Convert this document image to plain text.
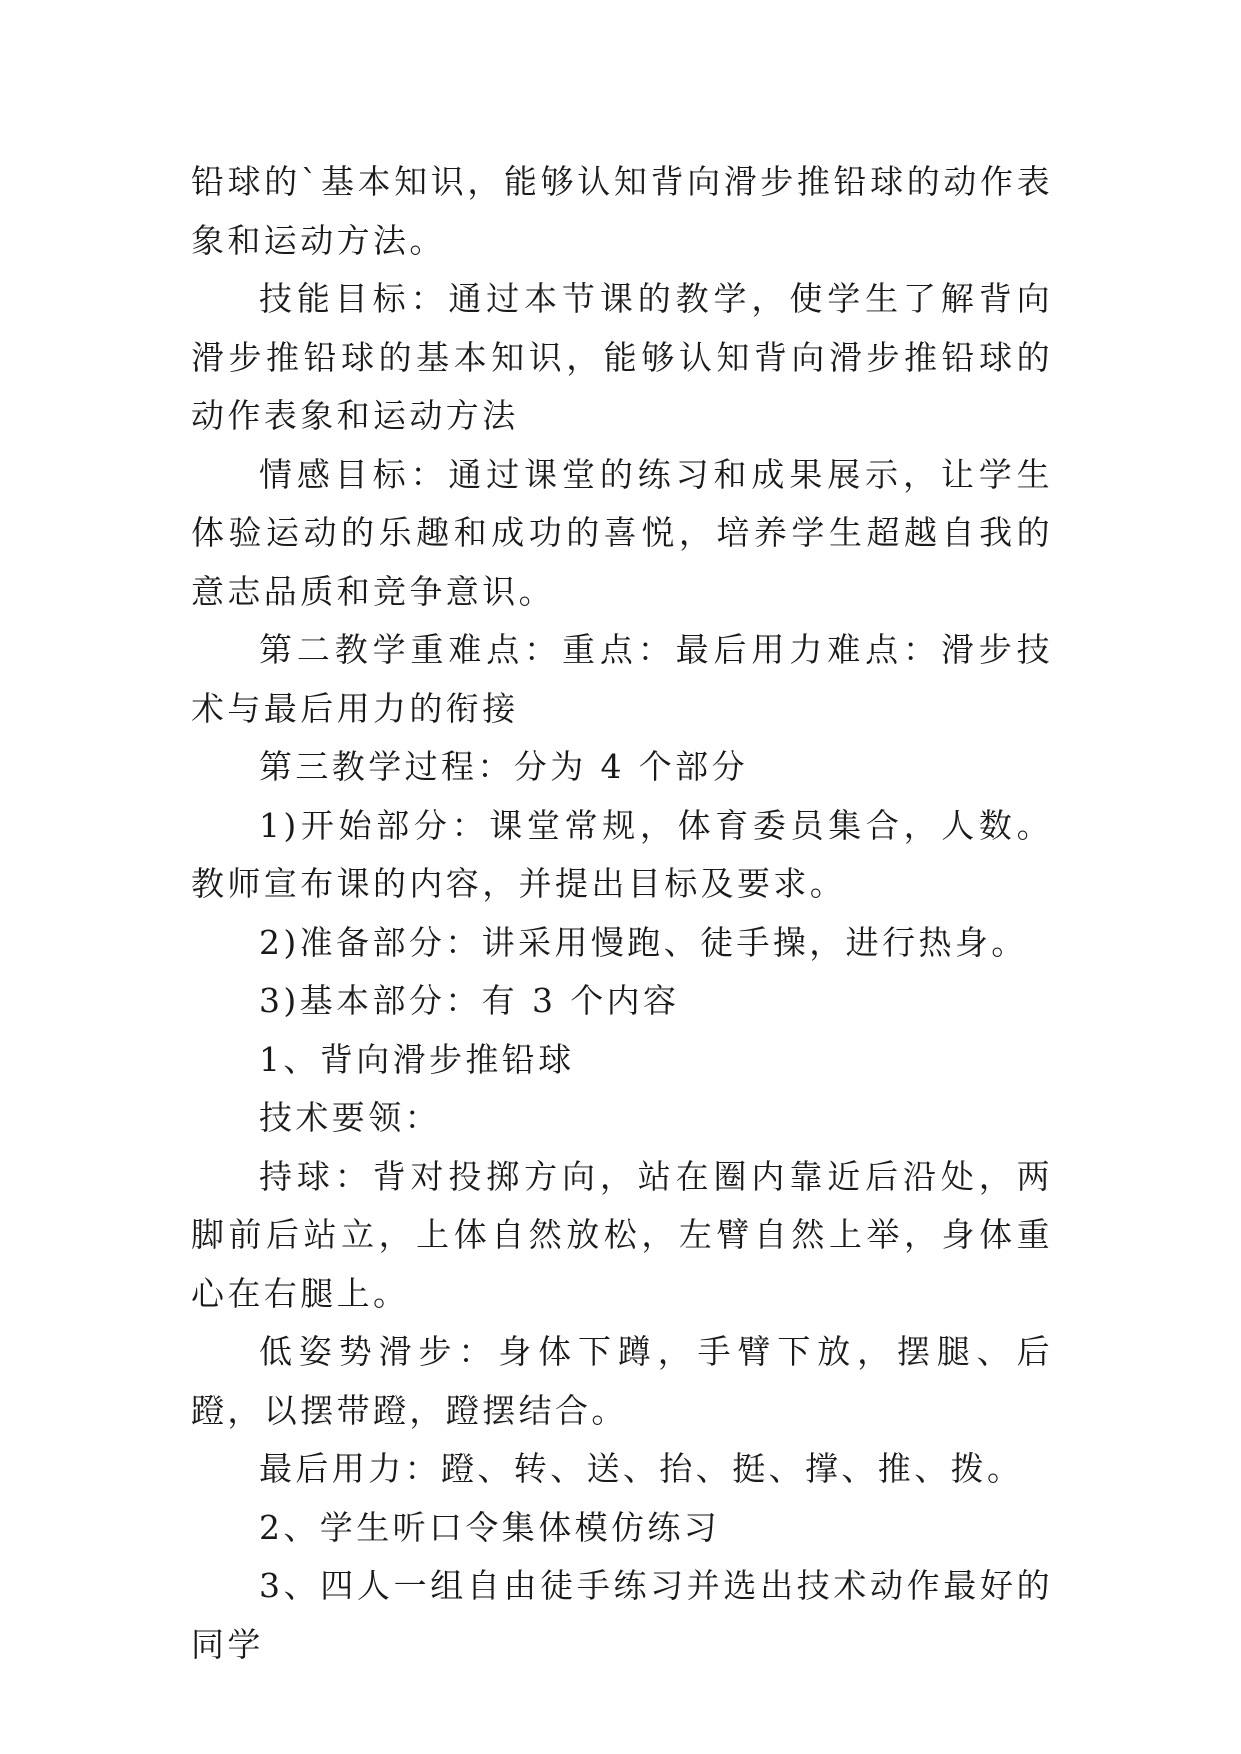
铅球的`基本知识，能够认知背向滑步推铅球的动作表象和运动方法。

技能目标：通过本节课的教学，使学生了解背向滑步推铅球的基本知识，能够认知背向滑步推铅球的动作表象和运动方法

情感目标：通过课堂的练习和成果展示，让学生体验运动的乐趣和成功的喜悦，培养学生超越自我的意志品质和竞争意识。

第二教学重难点：重点：最后用力难点：滑步技术与最后用力的衔接

第三教学过程：分为 4 个部分

1)开始部分：课堂常规，体育委员集合，人数。教师宣布课的内容，并提出目标及要求。

2)准备部分：讲采用慢跑、徒手操，进行热身。

3)基本部分：有 3 个内容

1、背向滑步推铅球

技术要领：

持球：背对投掷方向，站在圈内靠近后沿处，两脚前后站立，上体自然放松，左臂自然上举，身体重心在右腿上。

低姿势滑步：身体下蹲，手臂下放，摆腿、后蹬，以摆带蹬，蹬摆结合。

最后用力：蹬、转、送、抬、挺、撑、推、拨。

2、学生听口令集体模仿练习

3、四人一组自由徒手练习并选出技术动作最好的同学
